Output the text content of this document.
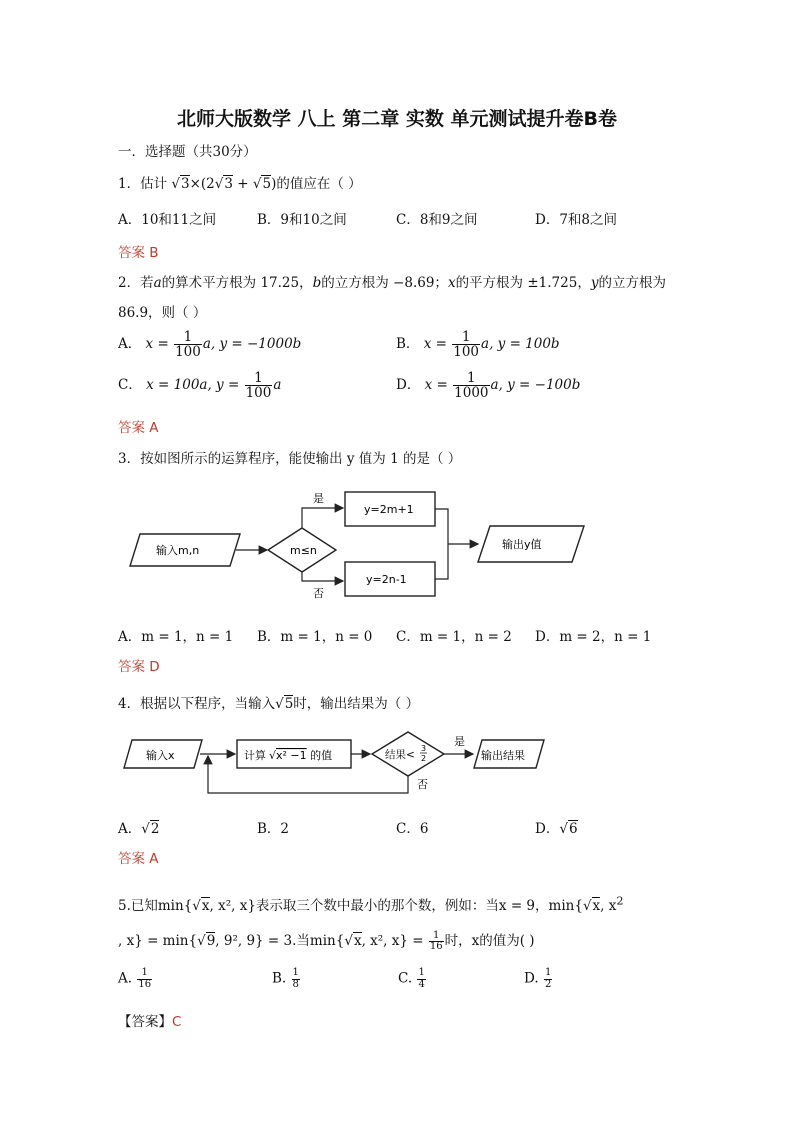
北师大版数学 八上 第二章 实数 单元测试提升卷B卷
一．选择题（共30分）
1．估计 √3×(2√3 + √5)的值应在（ ）
A．10和11之间	B．9和10之间	C．8和9之间	D．7和8之间
答案 B
2．若a的算术平方根为 17.25，b的立方根为 −8.69；x的平方根为 ±1.725，y的立方根为
86.9，则（ ）
A． $x = \frac{1}{100} a$, y = −1000b	B． $x = \frac{1}{100} a$, y = 100b
C． x = 100a, $y = \frac{1}{100}$ a	D． $x = \frac{1}{1000} a$, y = −100b
答案 A
3．按如图所示的运算程序，能使输出 y 值为 1 的是（ ）
输入m,n	m≤n
是
y=2m+1
否
y=2n-1
输出y值
A．m = 1，n = 1 B．m = 1，n = 0 C．m = 1，n = 2 D．m = 2，n = 1
答案 D
4．根据以下程序，当输入√5时，输出结果为（ ）
输入x	计算 √x² −1 的值	结果<
3
2
是
输出结果
否
A．√2	B．2	C．6	D．√6
答案 A
5.已知min{√x, x², x}表示取三个数中最小的那个数，例如：当x = 9，min{√x, $x^2$
, x} = min{√9, 9², 9} = 3.当min{√x, x², $x\} = \frac{1}{16}$ 时，x的值为( )
A. $\frac{1}{16}$	B. $\frac{1}{8}$	C. $\frac{1}{4}$	D. $\frac{1}{2}$
【答案】C
